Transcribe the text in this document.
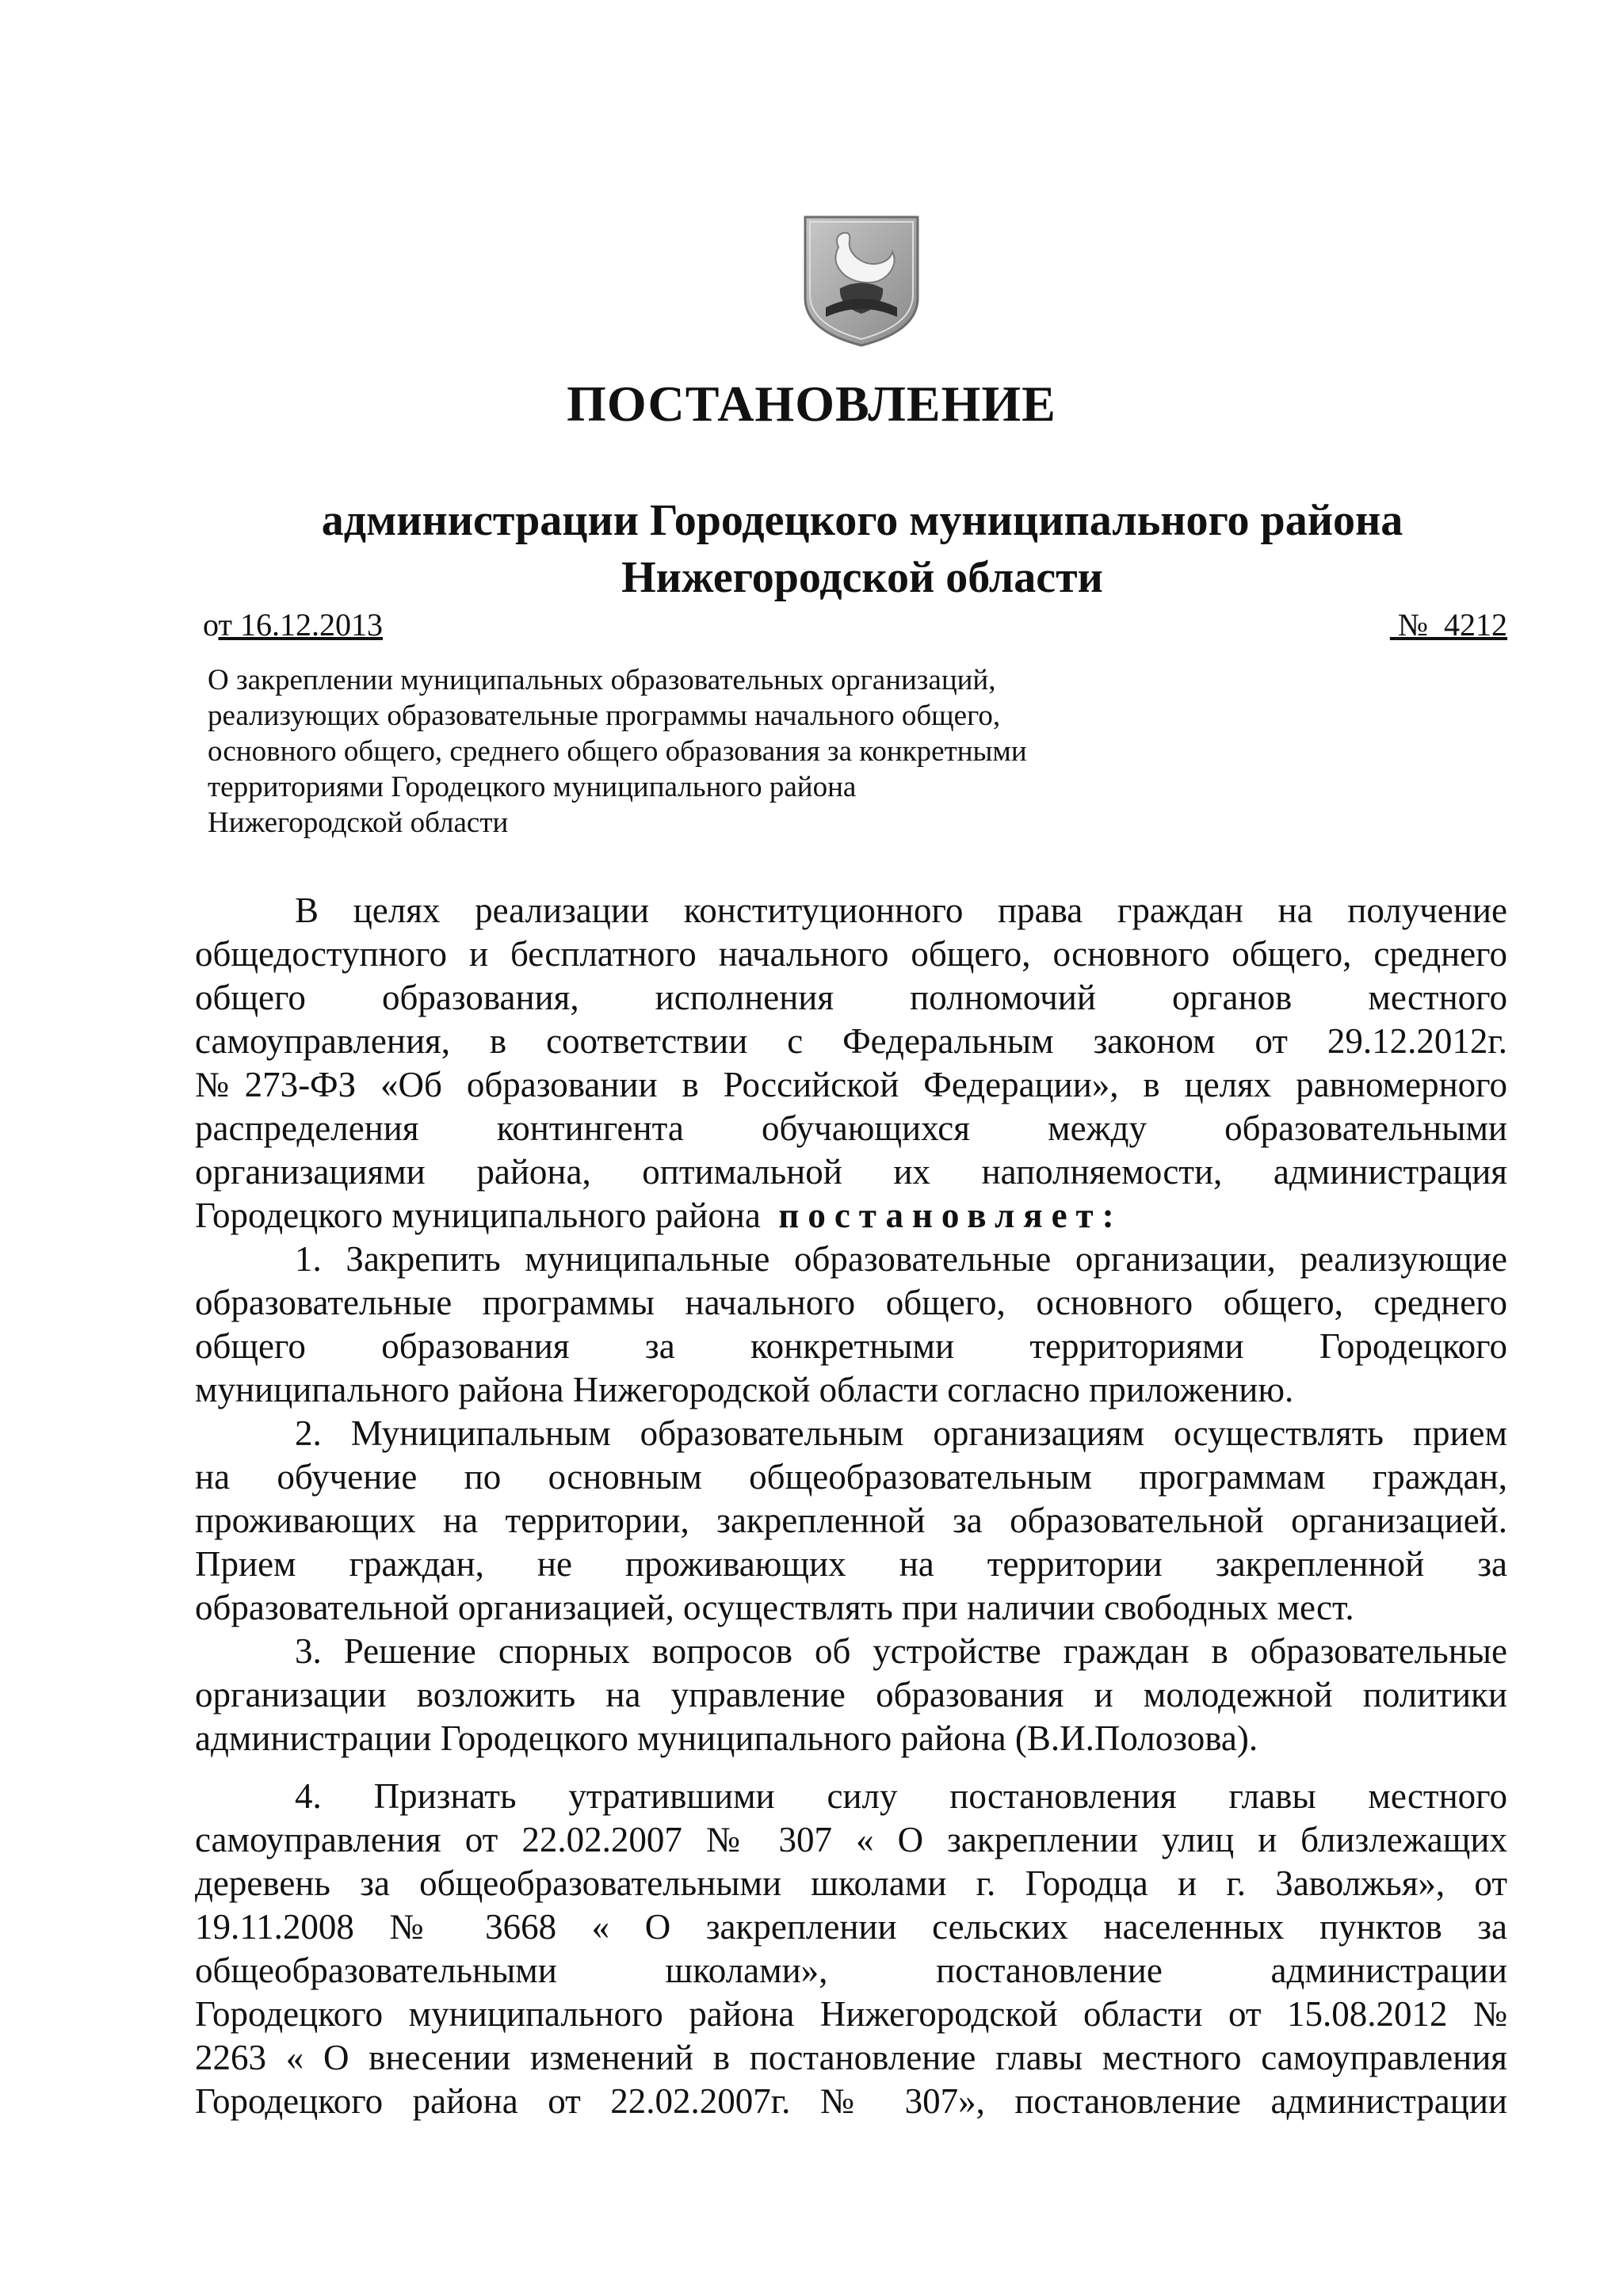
ПОСТАНОВЛЕНИЕ
администрации Городецкого муниципального района
Нижегородской области
от 16.12.2013	№  4212
О закреплении муниципальных образовательных организаций,
реализующих образовательные программы начального общего,
основного общего, среднего общего образования за конкретными
территориями Городецкого муниципального района
Нижегородской области
В целях реализации конституционного права граждан на получение
общедоступного и бесплатного начального общего, основного общего, среднего
общего образования, исполнения полномочий органов местного
самоуправления, в соответствии с Федеральным законом от 29.12.2012г.
№273-ФЗ «Об образовании в Российской Федерации», в целях равномерного
распределения контингента обучающихся между образовательными
организациями района, оптимальной их наполняемости, администрация
Городецкого муниципального района постановляет:
1. Закрепить муниципальные образовательные организации, реализующие
образовательные программы начального общего, основного общего, среднего
общего образования за конкретными территориями Городецкого
муниципального района Нижегородской области согласно приложению.
2. Муниципальным образовательным организациям осуществлять прием
на обучение по основным общеобразовательным программам граждан,
проживающих на территории, закрепленной за образовательной организацией.
Прием граждан, не проживающих на территории закрепленной за
образовательной организацией, осуществлять при наличии свободных мест.
3. Решение спорных вопросов об устройстве граждан в образовательные
организации возложить на управление образования и молодежной политики
администрации Городецкого муниципального района (В.И.Полозова).
4. Признать утратившими силу постановления главы местного
самоуправления от 22.02.2007 № 307 « О закреплении улиц и близлежащих
деревень за общеобразовательными школами г. Городца и г. Заволжья», от
19.11.2008 № 3668 « О закреплении сельских населенных пунктов за
общеобразовательными школами», постановление администрации
Городецкого муниципального района Нижегородской области от 15.08.2012 №
2263 « О внесении изменений в постановление главы местного самоуправления
Городецкого района от 22.02.2007г. № 307», постановление администрации
